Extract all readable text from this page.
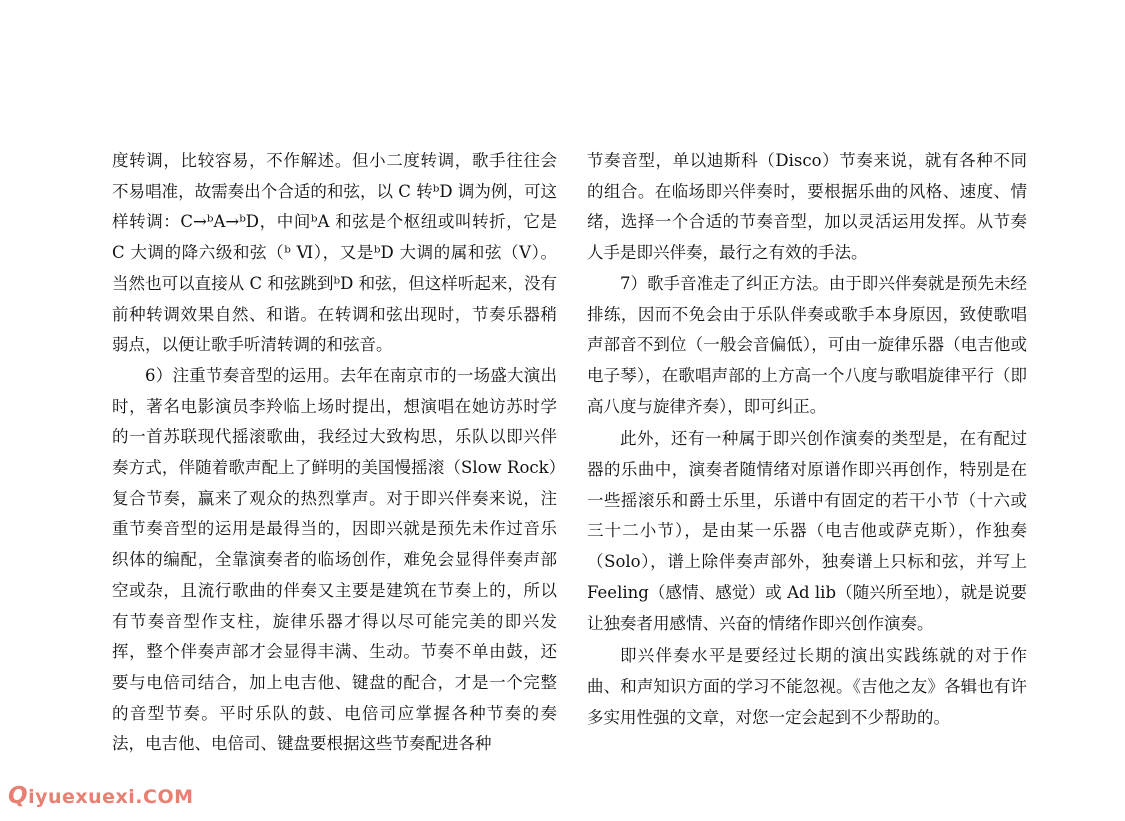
度转调，比较容易，不作解述。但小二度转调，歌手往往会不易唱准，故需奏出个合适的和弦，以 C 转ᵇD 调为例，可这样转调：C→ᵇA→ᵇD，中间ᵇA 和弦是个枢纽或叫转折，它是 C 大调的降六级和弦（ᵇ Ⅵ），又是ᵇD 大调的属和弦（Ⅴ）。当然也可以直接从 C 和弦跳到ᵇD 和弦，但这样听起来，没有前种转调效果自然、和谐。在转调和弦出现时，节奏乐器稍弱点，以便让歌手听清转调的和弦音。

6）注重节奏音型的运用。去年在南京市的一场盛大演出时，著名电影演员李羚临上场时提出，想演唱在她访苏时学的一首苏联现代摇滚歌曲，我经过大致构思，乐队以即兴伴奏方式，伴随着歌声配上了鲜明的美国慢摇滚（Slow Rock）复合节奏，赢来了观众的热烈掌声。对于即兴伴奏来说，注重节奏音型的运用是最得当的，因即兴就是预先未作过音乐织体的编配，全靠演奏者的临场创作，难免会显得伴奏声部空或杂，且流行歌曲的伴奏又主要是建筑在节奏上的，所以有节奏音型作支柱，旋律乐器才得以尽可能完美的即兴发挥，整个伴奏声部才会显得丰满、生动。节奏不单由鼓，还要与电倍司结合，加上电吉他、键盘的配合，才是一个完整的音型节奏。平时乐队的鼓、电倍司应掌握各种节奏的奏法，电吉他、电倍司、键盘要根据这些节奏配进各种

节奏音型，单以迪斯科（Disco）节奏来说，就有各种不同的组合。在临场即兴伴奏时，要根据乐曲的风格、速度、情绪，选择一个合适的节奏音型，加以灵活运用发挥。从节奏人手是即兴伴奏，最行之有效的手法。

7）歌手音准走了纠正方法。由于即兴伴奏就是预先未经排练，因而不免会由于乐队伴奏或歌手本身原因，致使歌唱声部音不到位（一般会音偏低），可由一旋律乐器（电吉他或电子琴），在歌唱声部的上方高一个八度与歌唱旋律平行（即高八度与旋律齐奏），即可纠正。

此外，还有一种属于即兴创作演奏的类型是，在有配过器的乐曲中，演奏者随情绪对原谱作即兴再创作，特别是在一些摇滚乐和爵士乐里，乐谱中有固定的若干小节（十六或三十二小节），是由某一乐器（电吉他或萨克斯），作独奏（Solo），谱上除伴奏声部外，独奏谱上只标和弦，并写上 Feeling（感情、感觉）或 Ad lib（随兴所至地），就是说要让独奏者用感情、兴奋的情绪作即兴创作演奏。

即兴伴奏水平是要经过长期的演出实践练就的对于作曲、和声知识方面的学习不能忽视。《吉他之友》各辑也有许多实用性强的文章，对您一定会起到不少帮助的。

Qiyuexuexi.COM
